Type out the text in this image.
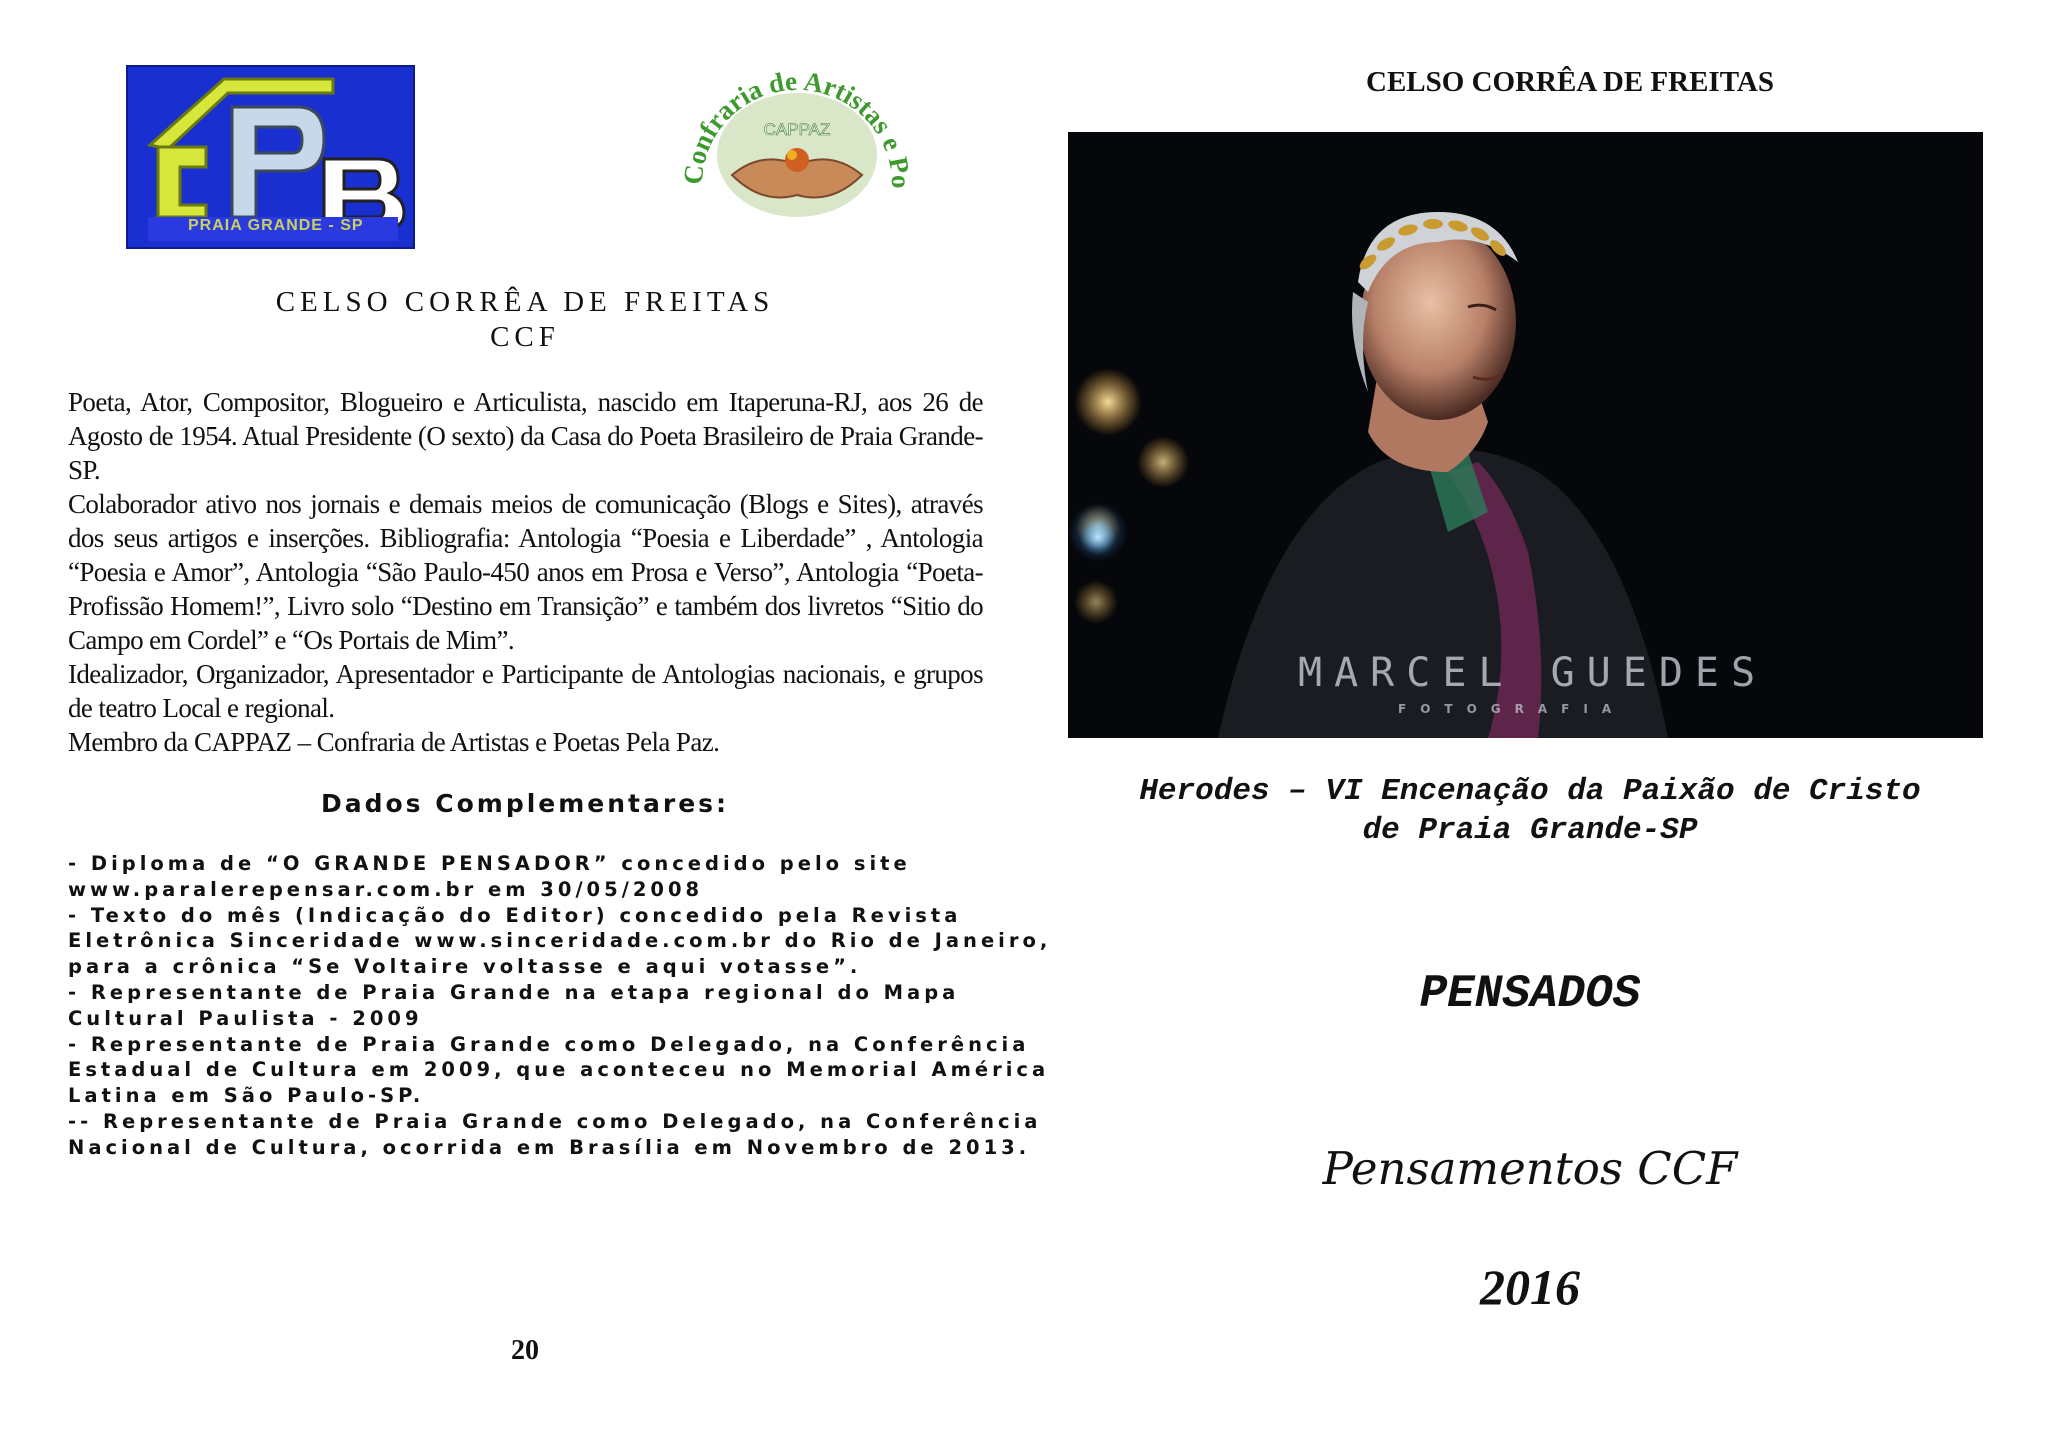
PRAIA GRANDE - SP
CAPPAZ
Confraria de Artistas e Po
CELSO CORRÊA DE FREITAS
CCF

Poeta, Ator, Compositor, Blogueiro e Articulista, nascido em Itaperuna-RJ, aos 26 de Agosto de 1954. Atual Presidente (O sexto) da Casa do Poeta Brasileiro de Praia Grande-SP.

Colaborador ativo nos jornais e demais meios de comunicação (Blogs e Sites), através dos seus artigos e inserções. Bibliografia: Antologia “Poesia e Liberdade” , Antologia “Poesia e Amor”, Antologia “São Paulo-450 anos em Prosa e Verso”, Antologia “Poeta-Profissão Homem!”, Livro solo “Destino em Transição” e também dos livretos “Sitio do Campo em Cordel” e “Os Portais de Mim”.

Idealizador, Organizador, Apresentador e Participante de Antologias nacionais, e grupos de teatro Local e regional.

Membro da CAPPAZ – Confraria de Artistas e Poetas Pela Paz.

Dados Complementares:

- Diploma de “O GRANDE PENSADOR” concedido pelo site

www.paralerepensar.com.br em 30/05/2008

- Texto do mês (Indicação do Editor) concedido pela Revista

Eletrônica Sinceridade www.sinceridade.com.br do Rio de Janeiro,

para a crônica “Se Voltaire voltasse e aqui votasse”.

- Representante de Praia Grande na etapa regional do Mapa

Cultural Paulista - 2009

- Representante de Praia Grande como Delegado, na Conferência

Estadual de Cultura em 2009, que aconteceu no Memorial América

Latina em São Paulo-SP.

-- Representante de Praia Grande como Delegado, na Conferência

Nacional de Cultura, ocorrida em Brasília em Novembro de 2013.

20
CELSO CORRÊA DE FREITAS
MARCEL GUEDES
FOTOGRAFIA
Herodes – VI Encenação da Paixão de Cristo
de Praia Grande-SP
PENSADOS
Pensamentos CCF
2016
